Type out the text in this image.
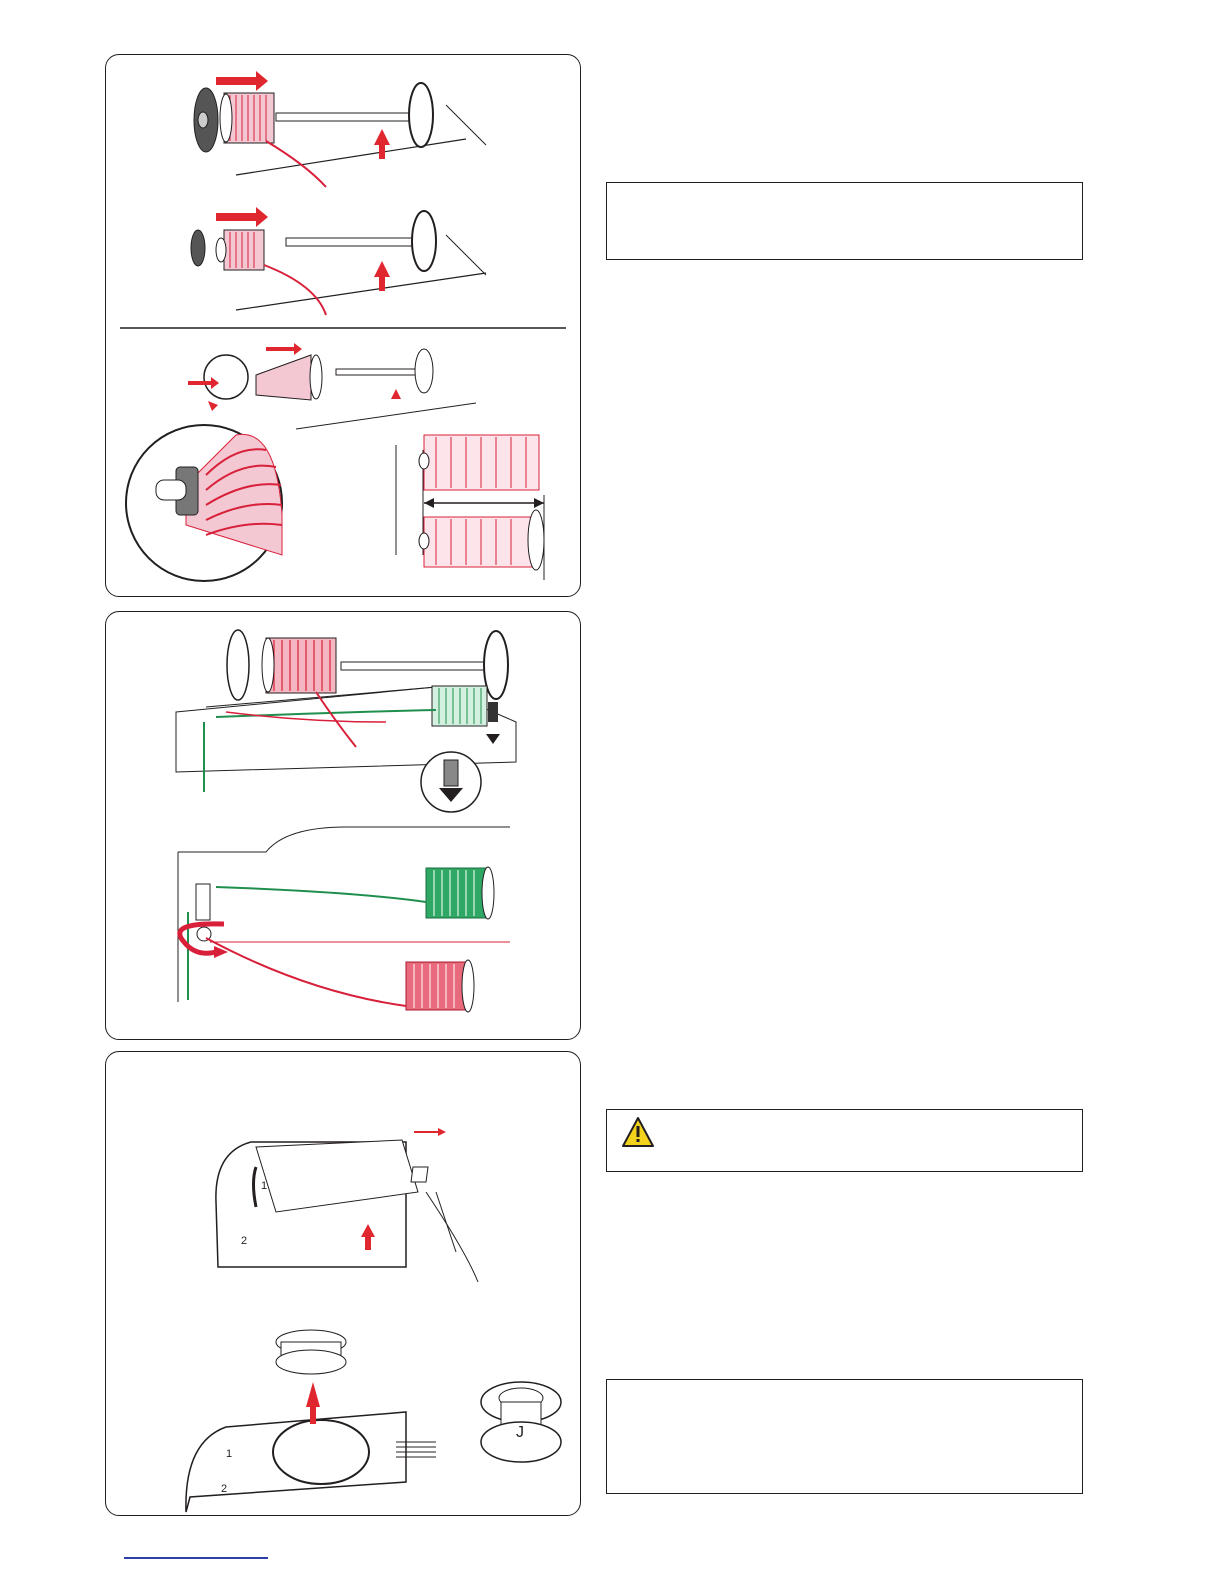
1
2
1
2
J
